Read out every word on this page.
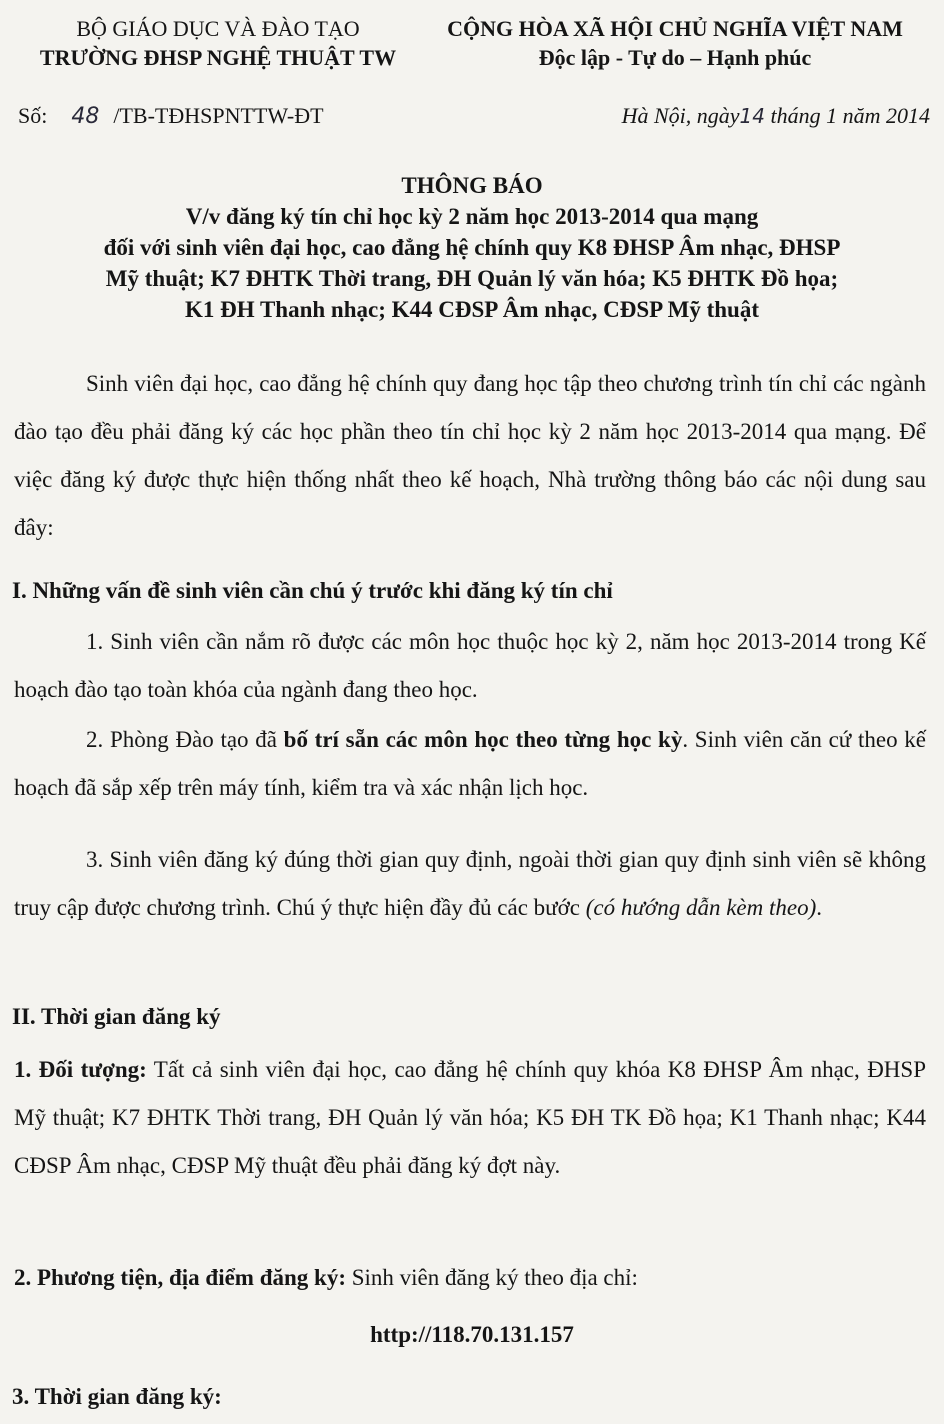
BỘ GIÁO DỤC VÀ ĐÀO TẠO
TRƯỜNG ĐHSP NGHỆ THUẬT TW
CỘNG HÒA XÃ HỘI CHỦ NGHĨA VIỆT NAM
Độc lập - Tự do – Hạnh phúc
Số: 48 /TB-TĐHSPNTTW-ĐT	Hà Nội, ngày14 tháng 1 năm 2014
THÔNG BÁO
V/v đăng ký tín chỉ học kỳ 2 năm học 2013-2014 qua mạng
đối với sinh viên đại học, cao đẳng hệ chính quy K8 ĐHSP Âm nhạc, ĐHSP
Mỹ thuật; K7 ĐHTK Thời trang, ĐH Quản lý văn hóa; K5 ĐHTK Đồ họa;
K1 ĐH Thanh nhạc; K44 CĐSP Âm nhạc, CĐSP Mỹ thuật
Sinh viên đại học, cao đẳng hệ chính quy đang học tập theo chương trình tín chỉ các ngành đào tạo đều phải đăng ký các học phần theo tín chỉ học kỳ 2 năm học 2013-2014 qua mạng. Để việc đăng ký được thực hiện thống nhất theo kế hoạch, Nhà trường thông báo các nội dung sau đây:
I. Những vấn đề sinh viên cần chú ý trước khi đăng ký tín chỉ
1. Sinh viên cần nắm rõ được các môn học thuộc học kỳ 2, năm học 2013-2014 trong Kế hoạch đào tạo toàn khóa của ngành đang theo học.
2. Phòng Đào tạo đã bố trí sẵn các môn học theo từng học kỳ. Sinh viên căn cứ theo kế hoạch đã sắp xếp trên máy tính, kiểm tra và xác nhận lịch học.
3. Sinh viên đăng ký đúng thời gian quy định, ngoài thời gian quy định sinh viên sẽ không truy cập được chương trình. Chú ý thực hiện đầy đủ các bước (có hướng dẫn kèm theo).
II. Thời gian đăng ký
1. Đối tượng: Tất cả sinh viên đại học, cao đẳng hệ chính quy khóa K8 ĐHSP Âm nhạc, ĐHSP Mỹ thuật; K7 ĐHTK Thời trang, ĐH Quản lý văn hóa; K5 ĐH TK Đồ họa; K1 Thanh nhạc; K44 CĐSP Âm nhạc, CĐSP Mỹ thuật đều phải đăng ký đợt này.
2. Phương tiện, địa điểm đăng ký: Sinh viên đăng ký theo địa chỉ:
http://118.70.131.157
3. Thời gian đăng ký:
